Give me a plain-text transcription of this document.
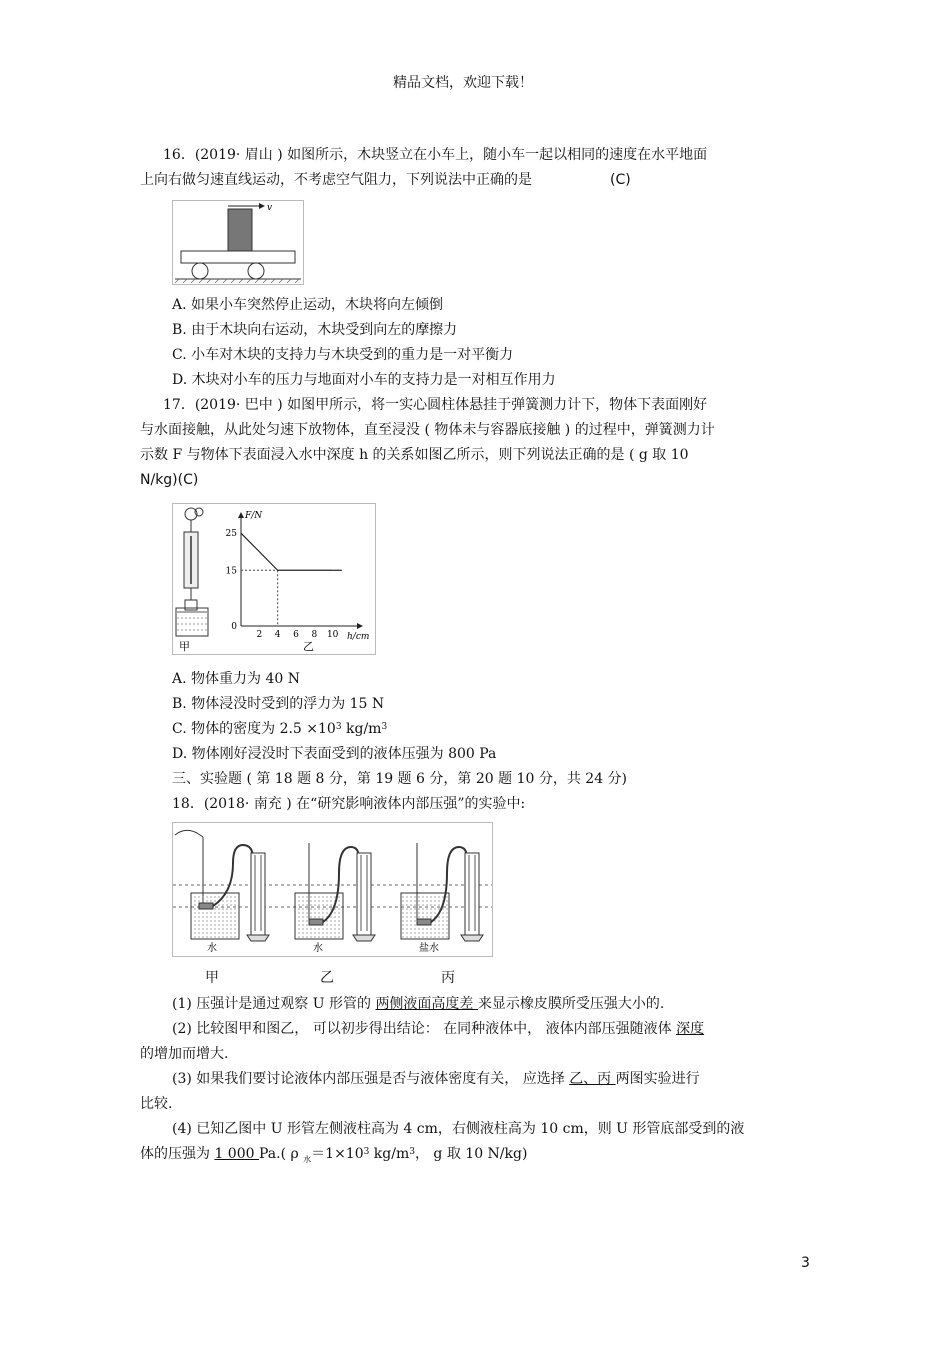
精品文档，欢迎下载！
16．(2019· 眉山 ) 如图所示，木块竖立在小车上，随小车一起以相同的速度在水平地面
上向右做匀速直线运动，不考虑空气阻力，下列说法中正确的是	(C)
v
A. 如果小车突然停止运动，木块将向左倾倒
B. 由于木块向右运动，木块受到向左的摩擦力
C. 小车对木块的支持力与木块受到的重力是一对平衡力
D. 木块对小车的压力与地面对小车的支持力是一对相互作用力
17．(2019· 巴中 ) 如图甲所示，将一实心圆柱体悬挂于弹簧测力计下，物体下表面刚好
与水面接触，从此处匀速下放物体，直至浸没 ( 物体未与容器底接触 ) 的过程中，弹簧测力计
示数 F 与物体下表面浸入水中深度 h 的关系如图乙所示，则下列说法正确的是 ( g 取 10
N/kg)(C)
甲	乙
F/N
h/cm
0
15
25
2 4 6 8 10
A. 物体重力为 40 N
B. 物体浸没时受到的浮力为 15 N
C. 物体的密度为 $2.5 \times 10^3$ $kg/m^3$
D. 物体刚好浸没时下表面受到的液体压强为 800 Pa
三、实验题 ( 第 18 题 8 分，第 19 题 6 分，第 20 题 10 分，共 24 分)
18．(2018· 南充 ) 在“研究影响液体内部压强”的实验中:
水	水	盐水
甲	乙	丙
(1) 压强计是通过观察 U 形管的 两侧液面高度差 来显示橡皮膜所受压强大小的.
(2) 比较图甲和图乙， 可以初步得出结论： 在同种液体中， 液体内部压强随液体 深度
的增加而增大.
(3) 如果我们要讨论液体内部压强是否与液体密度有关， 应选择 乙、丙 两图实验进行
比较.
(4) 已知乙图中 U 形管左侧液柱高为 4 cm，右侧液柱高为 10 cm，则 U 形管底部受到的液
体的压强为 1 000 Pa.( ρ $_水=1\times 10^3$ $kg/m^3$， g 取 10 N/kg)
3
